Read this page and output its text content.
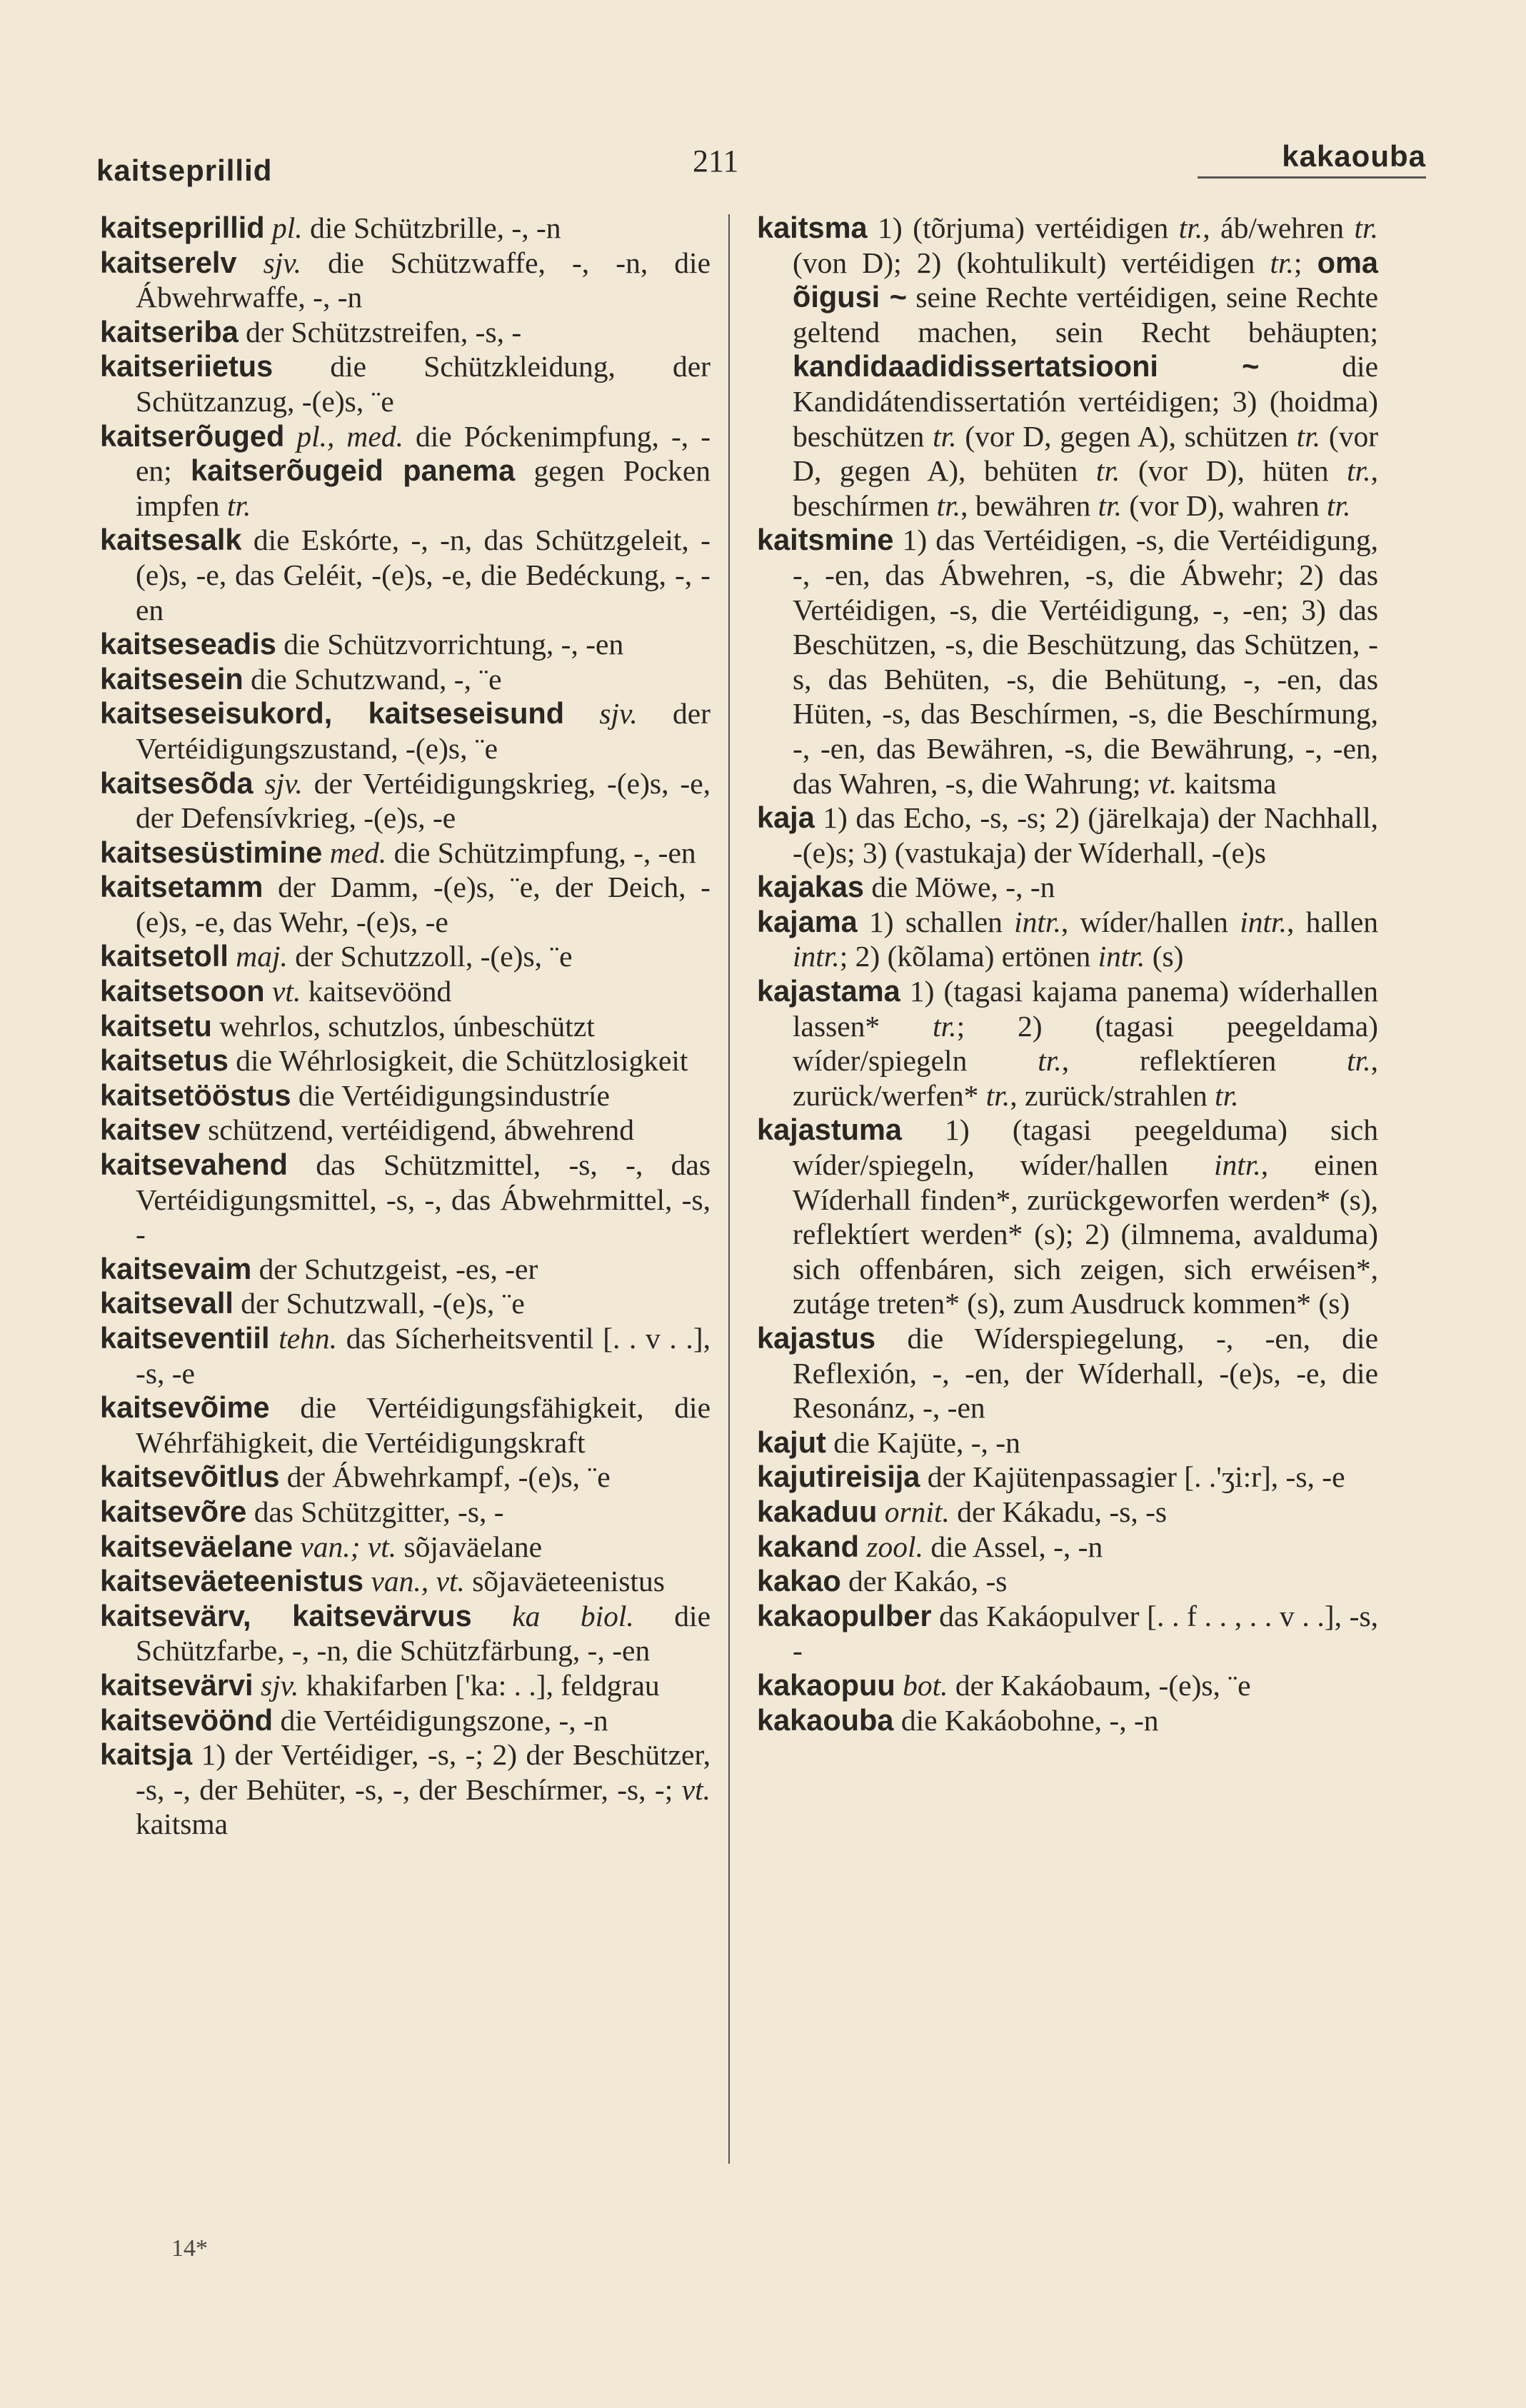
kaitseprillid	211	kakaouba

kaitseprillid pl. die Schützbrille, -, -n

kaitserelv sjv. die Schützwaffe, -, -n, die Ábwehrwaffe, -, -n

kaitseriba der Schützstreifen, -s, -

kaitseriietus die Schützkleidung, der Schützanzug, -(e)s, ¨e

kaitserõuged pl., med. die Póckenimpfung, -, -en; kaitserõugeid panema gegen Pocken impfen tr.

kaitsesalk die Eskórte, -, -n, das Schützgeleit, -(e)s, -e, das Geléit, -(e)s, -e, die Bedéckung, -, -en

kaitseseadis die Schützvorrichtung, -, -en

kaitsesein die Schutzwand, -, ¨e

kaitseseisukord, kaitseseisund sjv. der Vertéidigungszustand, -(e)s, ¨e

kaitsesõda sjv. der Vertéidigungskrieg, -(e)s, -e, der Defensívkrieg, -(e)s, -e

kaitsesüstimine med. die Schützimpfung, -, -en

kaitsetamm der Damm, -(e)s, ¨e, der Deich, -(e)s, -e, das Wehr, -(e)s, -e

kaitsetoll maj. der Schutzzoll, -(e)s, ¨e

kaitsetsoon vt. kaitsevöönd

kaitsetu wehrlos, schutzlos, únbeschützt

kaitsetus die Wéhrlosigkeit, die Schützlosigkeit

kaitsetööstus die Vertéidigungsindustríe

kaitsev schützend, vertéidigend, ábwehrend

kaitsevahend das Schützmittel, -s, -, das Vertéidigungsmittel, -s, -, das Ábwehrmittel, -s, -

kaitsevaim der Schutzgeist, -es, -er

kaitsevall der Schutzwall, -(e)s, ¨e

kaitseventiil tehn. das Sícherheitsventil [. . v . .], -s, -e

kaitsevõime die Vertéidigungsfähigkeit, die Wéhrfähigkeit, die Vertéidigungskraft

kaitsevõitlus der Ábwehrkampf, -(e)s, ¨e

kaitsevõre das Schützgitter, -s, -

kaitseväelane van.; vt. sõjaväelane

kaitseväeteenistus van., vt. sõjaväeteenistus

kaitsevärv, kaitsevärvus ka biol. die Schützfarbe, -, -n, die Schützfärbung, -, -en

kaitsevärvi sjv. khakifarben ['ka: . .], feldgrau

kaitsevöönd die Vertéidigungszone, -, -n

kaitsja 1) der Vertéidiger, -s, -; 2) der Beschützer, -s, -, der Behüter, -s, -, der Beschírmer, -s, -; vt. kaitsma

kaitsma 1) (tõrjuma) vertéidigen tr., áb/wehren tr. (von D); 2) (kohtulikult) vertéidigen tr.; oma õigusi ~ seine Rechte vertéidigen, seine Rechte geltend machen, sein Recht behäupten; kandidaadidissertatsiooni ~ die Kandidátendissertatión vertéidigen; 3) (hoidma) beschützen tr. (vor D, gegen A), schützen tr. (vor D, gegen A), behüten tr. (vor D), hüten tr., beschírmen tr., bewähren tr. (vor D), wahren tr.

kaitsmine 1) das Vertéidigen, -s, die Vertéidigung, -, -en, das Ábwehren, -s, die Ábwehr; 2) das Vertéidigen, -s, die Vertéidigung, -, -en; 3) das Beschützen, -s, die Beschützung, das Schützen, -s, das Behüten, -s, die Behütung, -, -en, das Hüten, -s, das Beschírmen, -s, die Beschírmung, -, -en, das Bewähren, -s, die Bewährung, -, -en, das Wahren, -s, die Wahrung; vt. kaitsma

kaja 1) das Echo, -s, -s; 2) (järelkaja) der Nachhall, -(e)s; 3) (vastukaja) der Wíderhall, -(e)s

kajakas die Möwe, -, -n

kajama 1) schallen intr., wíder/hallen intr., hallen intr.; 2) (kõlama) ertönen intr. (s)

kajastama 1) (tagasi kajama panema) wíderhallen lassen* tr.; 2) (tagasi peegeldama) wíder/spiegeln tr., reflektíeren tr., zurück/werfen* tr., zurück/strahlen tr.

kajastuma 1) (tagasi peegelduma) sich wíder/spiegeln, wíder/hallen intr., einen Wíderhall finden*, zurückgeworfen werden* (s), reflektíert werden* (s); 2) (ilmnema, avalduma) sich offenbáren, sich zeigen, sich erwéisen*, zutáge treten* (s), zum Ausdruck kommen* (s)

kajastus die Wíderspiegelung, -, -en, die Reflexión, -, -en, der Wíderhall, -(e)s, -e, die Resonánz, -, -en

kajut die Kajüte, -, -n

kajutireisija der Kajütenpassagier [. .'ʒi:r], -s, -e

kakaduu ornit. der Kákadu, -s, -s

kakand zool. die Assel, -, -n

kakao der Kakáo, -s

kakaopulber das Kakáopulver [. . f . . , . . v . .], -s, -

kakaopuu bot. der Kakáobaum, -(e)s, ¨e

kakaouba die Kakáobohne, -, -n

14*
